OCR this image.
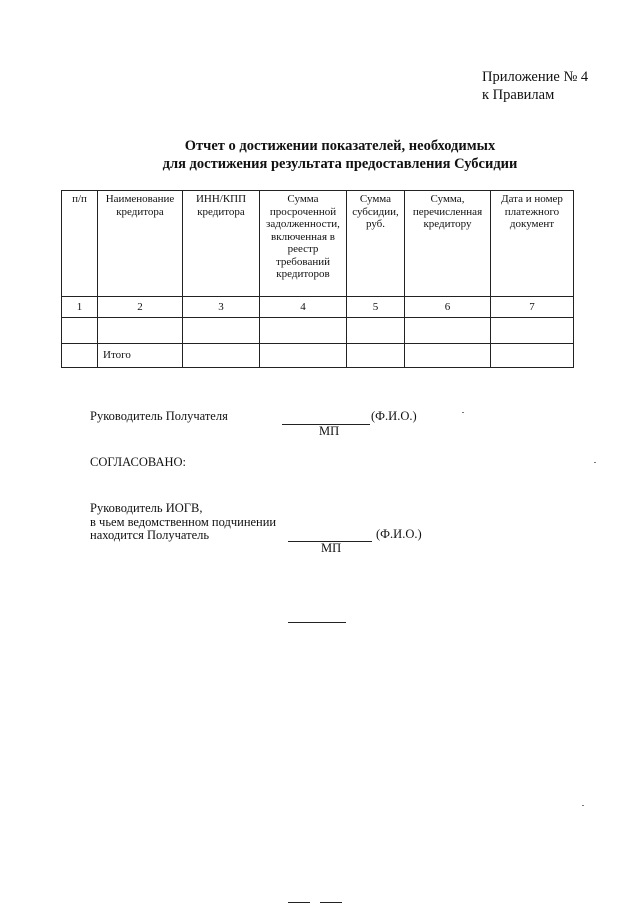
Приложение № 4
к Правилам
Отчет о достижении показателей, необходимых
для достижения результата предоставления Субсидии
п/п	Наименование кредитора	ИНН/КПП кредитора	Сумма просроченной задолженности, включенная в реестр требований кредиторов	Сумма субсидии, руб.	Сумма, перечисленная кредитору	Дата и номер платежного документ
1	2	3	4	5	6	7

	Итого					
Руководитель Получателя	(Ф.И.О.)
МП
СОГЛАСОВАНО:
Руководитель ИОГВ,
в чьем ведомственном подчинении
находится Получатель	(Ф.И.О.)
МП
